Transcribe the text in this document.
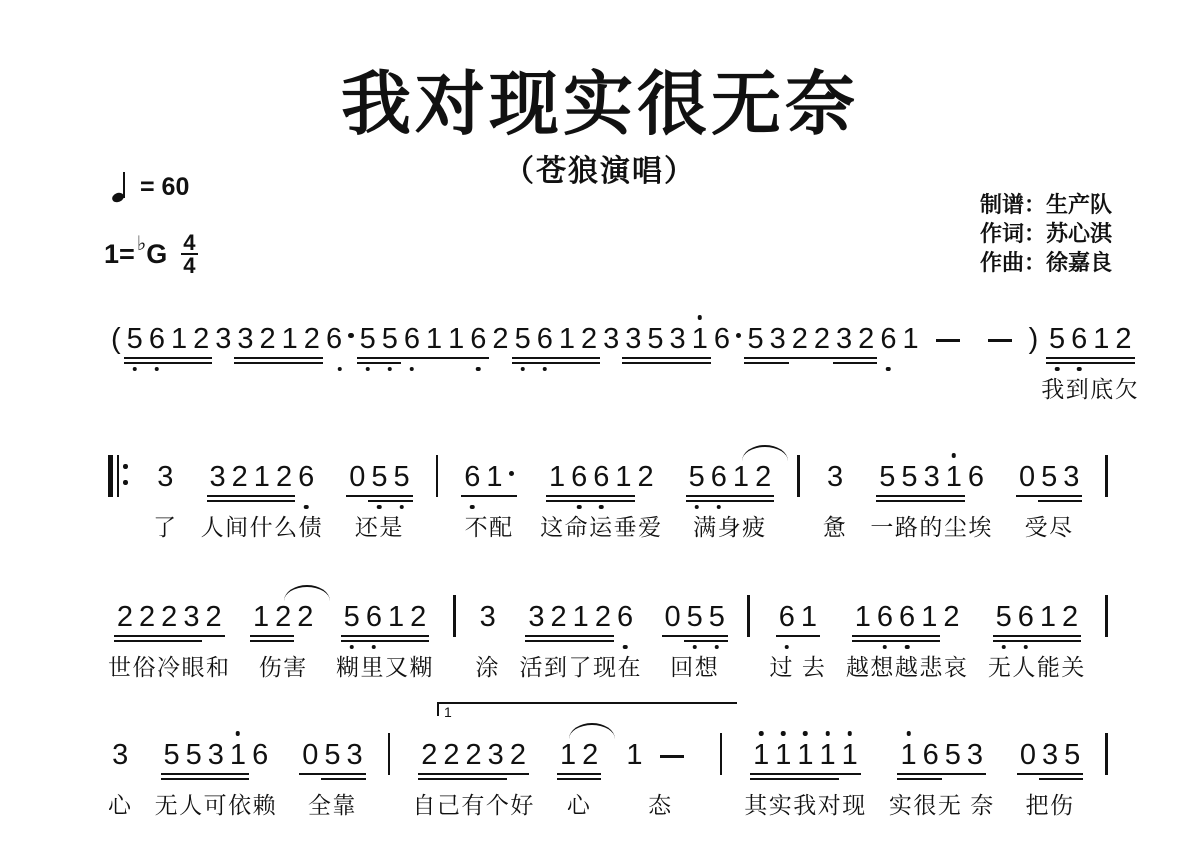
我对现实很无奈
（苍狼演唱）
= 60
1= ♭ G $\frac{4}{4}$
制谱：生产队
作词：苏心淇
作曲：徐嘉良
( 5 6 1 2 3 3 2 1 2 6 5 5 6 1 1 6 2 5 6 1 2 3 3 5 3 1 6 5 3 2 2 3 2 6 1	) 5 6 1 2
我到底欠
3
了
3 2 1 2 6
人间什么债
0 5 5
还是
6 1
不配
1 6 6 1 2
这命运垂爱
5 6 1 2
满身疲
3
惫
5 5 3 1 6
一路的尘埃
0 5 3
受尽
2 2 2 3 2
世俗冷眼和
1 2 2
伤害
5 6 1 2
糊里又糊
3
涂
3 2 1 2 6
活到了现在
0 5 5
回想
6 1
过 去
1 6 6 1 2
越想越悲哀
5 6 1 2
无人能关
3
心
5 5 3 1 6
无人可依赖
0 5 3
全靠
2 2 2 3 2
自己有个好
1 2
心
1
态
1 1 1 1 1
其实我对现
1 6 5 3
实很无 奈
0 3 5
把伤
1
